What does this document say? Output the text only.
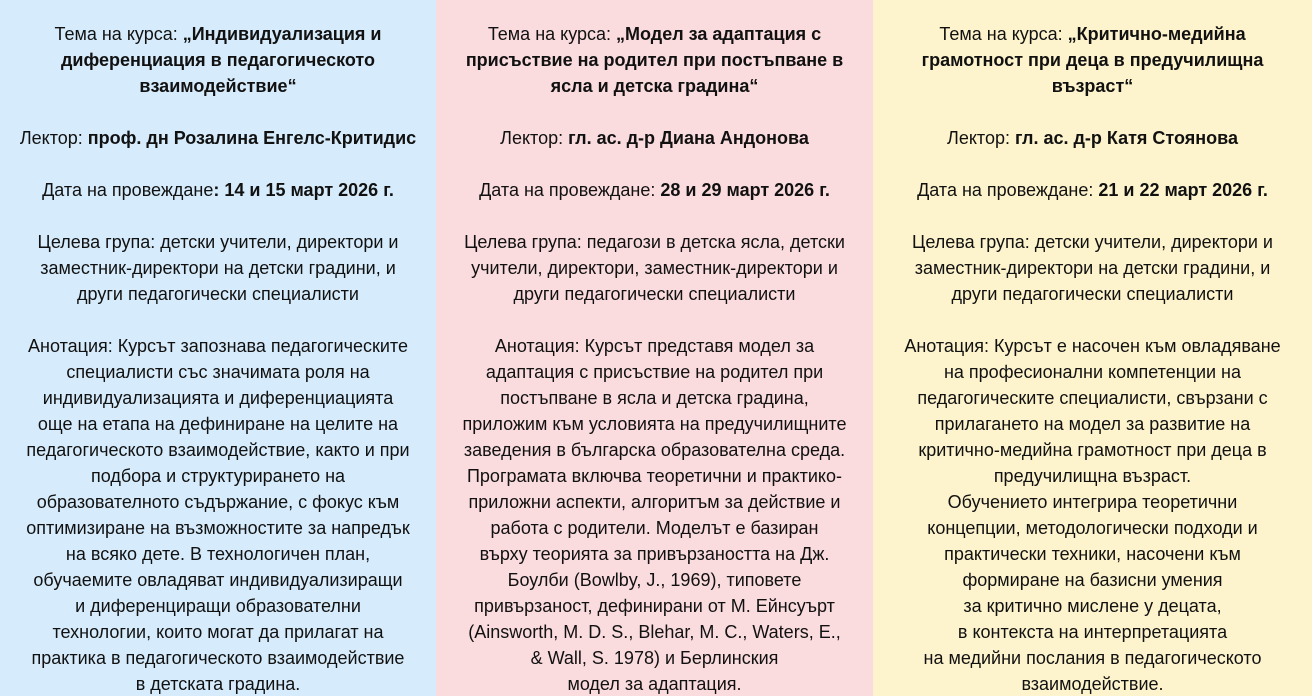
Тема на курса: „Индивидуализация и
диференциация в педагогическото
взаимодействие“
Лектор: проф. дн Розалина Енгелс-Критидис
Дата на провеждане: 14 и 15 март 2026 г.
Целева група: детски учители, директори и
заместник-директори на детски градини, и
други педагогически специалисти
Анотация: Курсът запознава педагогическите
специалисти със значимата роля на
индивидуализацията и диференциацията
още на етапа на дефиниране на целите на
педагогическото взаимодействие, както и при
подбора и структурирането на
образователното съдържание, с фокус към
оптимизиране на възможностите за напредък
на всяко дете. В технологичен план,
обучаемите овладяват индивидуализиращи
и диференциращи образователни
технологии, които могат да прилагат на
практика в педагогическото взаимодействие
в детската градина.
Тема на курса: „Модел за адаптация с
присъствие на родител при постъпване в
ясла и детска градина“
Лектор: гл. ас. д-р Диана Андонова
Дата на провеждане: 28 и 29 март 2026 г.
Целева група: педагози в детска ясла, детски
учители, директори, заместник-директори и
други педагогически специалисти
Анотация: Курсът представя модел за
адаптация с присъствие на родител при
постъпване в ясла и детска градина,
приложим към условията на предучилищните
заведения в българска образователна среда.
Програмата включва теоретични и практико-
приложни аспекти, алгоритъм за действие и
работа с родители. Моделът е базиран
върху теорията за привързаността на Дж.
Боулби (Bowlby, J., 1969), типовете
привързаност, дефинирани от М. Ейнсуърт
(Ainsworth, M. D. S., Blehar, M. C., Waters, E.,
& Wall, S. 1978) и Берлинския
модел за адаптация.
Тема на курса: „Критично-медийна
грамотност при деца в предучилищна
възраст“
Лектор: гл. ас. д-р Катя Стоянова
Дата на провеждане: 21 и 22 март 2026 г.
Целева група: детски учители, директори и
заместник-директори на детски градини, и
други педагогически специалисти
Анотация: Курсът е насочен към овладяване
на професионални компетенции на
педагогическите специалисти, свързани с
прилагането на модел за развитие на
критично-медийна грамотност при деца в
предучилищна възраст.
Обучението интегрира теоретични
концепции, методологически подходи и
практически техники, насочени към
формиране на базисни умения
за критично мислене у децата,
в контекста на интерпретацията
на медийни послания в педагогическото
взаимодействие.
